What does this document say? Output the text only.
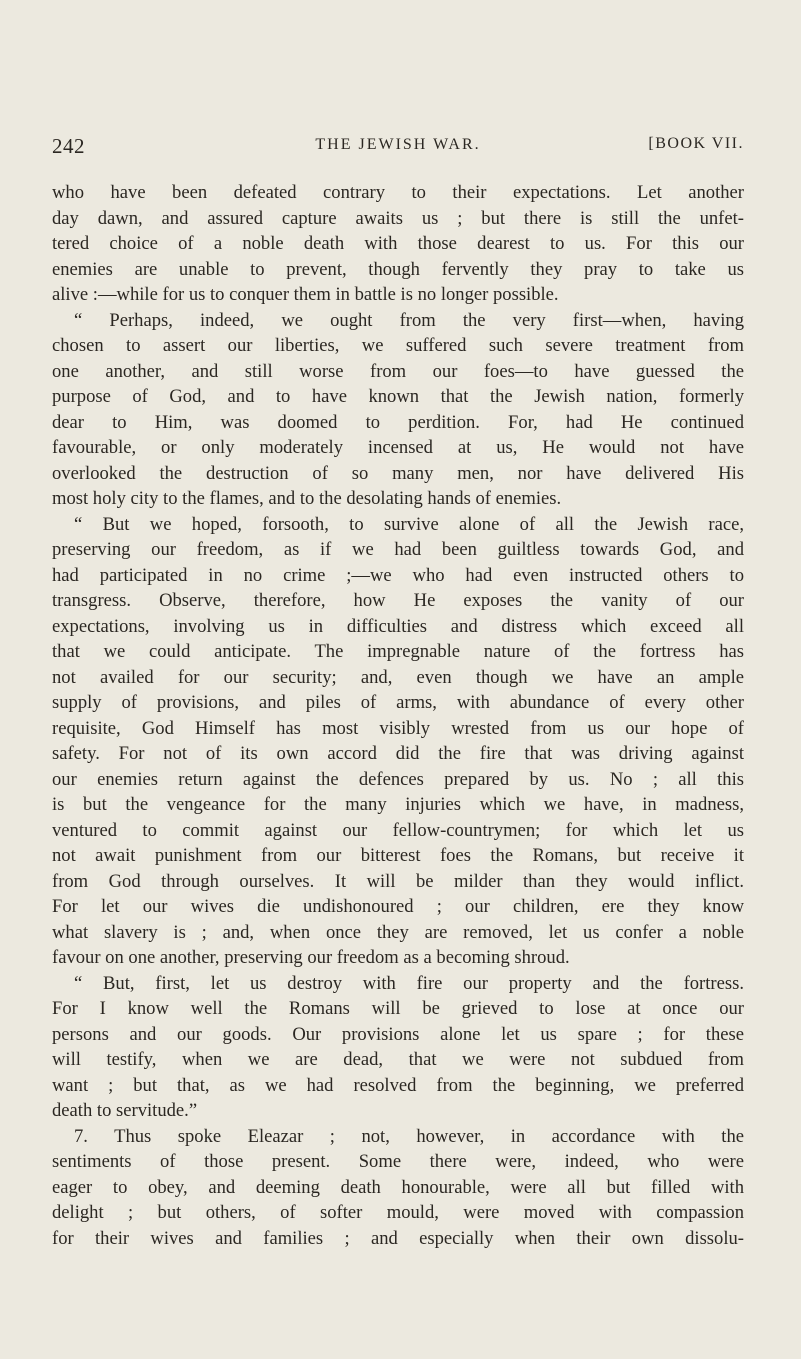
242	THE JEWISH WAR.	[BOOK VII.
who have been defeated contrary to their expectations. Let another
day dawn, and assured capture awaits us ; but there is still the unfet-
tered choice of a noble death with those dearest to us. For this our
enemies are unable to prevent, though fervently they pray to take us
alive :—while for us to conquer them in battle is no longer possible.
“ Perhaps, indeed, we ought from the very first—when, having
chosen to assert our liberties, we suffered such severe treatment from
one another, and still worse from our foes—to have guessed the
purpose of God, and to have known that the Jewish nation, formerly
dear to Him, was doomed to perdition. For, had He continued
favourable, or only moderately incensed at us, He would not have
overlooked the destruction of so many men, nor have delivered His
most holy city to the flames, and to the desolating hands of enemies.
“ But we hoped, forsooth, to survive alone of all the Jewish race,
preserving our freedom, as if we had been guiltless towards God, and
had participated in no crime ;—we who had even instructed others to
transgress. Observe, therefore, how He exposes the vanity of our
expectations, involving us in difficulties and distress which exceed all
that we could anticipate. The impregnable nature of the fortress has
not availed for our security; and, even though we have an ample
supply of provisions, and piles of arms, with abundance of every other
requisite, God Himself has most visibly wrested from us our hope of
safety. For not of its own accord did the fire that was driving against
our enemies return against the defences prepared by us. No ; all this
is but the vengeance for the many injuries which we have, in madness,
ventured to commit against our fellow-countrymen; for which let us
not await punishment from our bitterest foes the Romans, but receive it
from God through ourselves. It will be milder than they would inflict.
For let our wives die undishonoured ; our children, ere they know
what slavery is ; and, when once they are removed, let us confer a noble
favour on one another, preserving our freedom as a becoming shroud.
“ But, first, let us destroy with fire our property and the fortress.
For I know well the Romans will be grieved to lose at once our
persons and our goods. Our provisions alone let us spare ; for these
will testify, when we are dead, that we were not subdued from
want ; but that, as we had resolved from the beginning, we preferred
death to servitude.”
7. Thus spoke Eleazar ; not, however, in accordance with the
sentiments of those present. Some there were, indeed, who were
eager to obey, and deeming death honourable, were all but filled with
delight ; but others, of softer mould, were moved with compassion
for their wives and families ; and especially when their own dissolu-
